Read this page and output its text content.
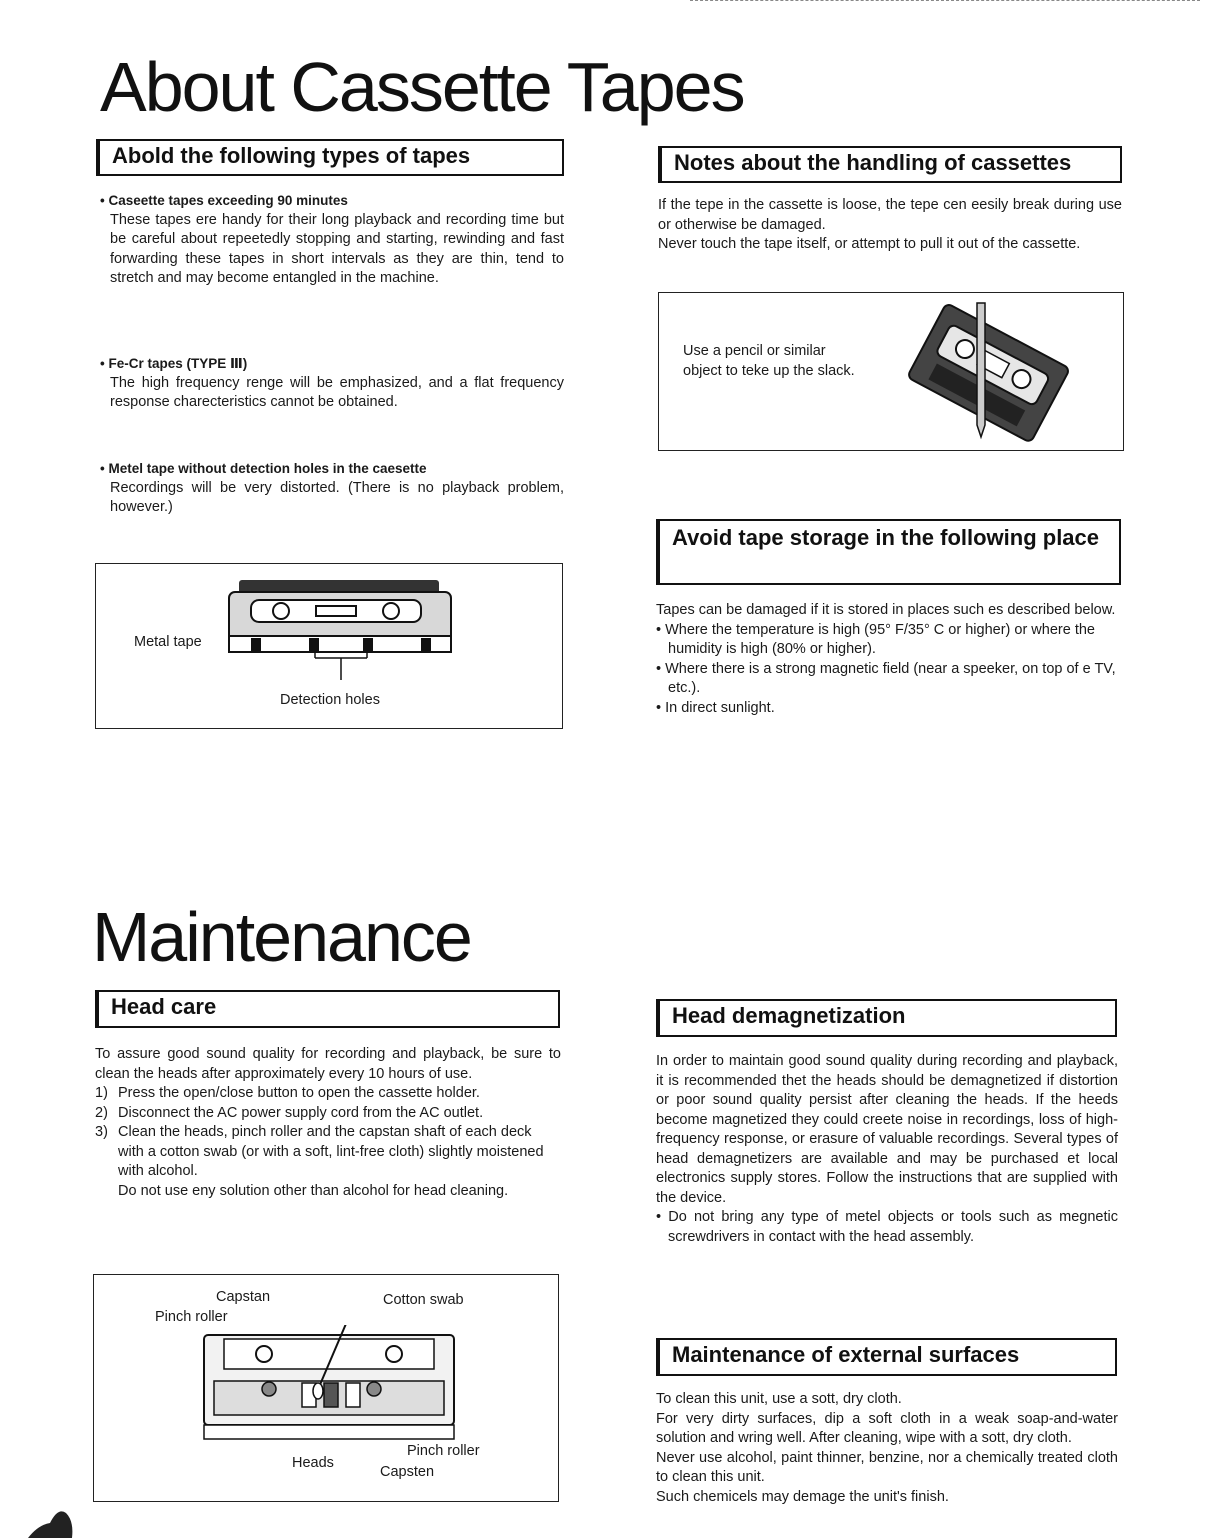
About Cassette Tapes
Abold the following types of tapes
• Caseette tapes exceeding 90 minutes

These tapes ere handy for their long playback and recording time but be careful about repeetedly stopping and starting, rewinding and fast forwarding these tapes in short intervals as they are thin, tend to stretch and may become entangled in the machine.

• Fe-Cr tapes (TYPE Ⅲ)

The high frequency renge will be emphasized, and a flat frequency response charecteristics cannot be obtained.

• Metel tape without detection holes in the caesette

Recordings will be very distorted. (There is no playback problem, however.)

Metal tape
Detection holes
Notes about the handling of cassettes

If the tepe in the cassette is loose, the tepe cen eesily break during use or otherwise be damaged.

Never touch the tape itself, or attempt to pull it out of the cassette.

Use a pencil or similar object to teke up the slack.
Avoid tape storage in the following place

Tapes can be damaged if it is stored in places such es described below.

• Where the temperature is high (95° F/35° C or higher) or where the humidity is high (80% or higher).

• Where there is a strong magnetic field (near a speeker, on top of e TV, etc.).

• In direct sunlight.

Maintenance
Head care

To assure good sound quality for recording and playback, be sure to clean the heads after approximately every 10 hours of use.

1) Press the open/close button to open the cassette holder.
2) Disconnect the AC power supply cord from the AC outlet.
3) Clean the heads, pinch roller and the capstan shaft of each deck with a cotton swab (or with a soft, lint-free cloth) slightly moistened with alcohol.

Do not use eny solution other than alcohol for head cleaning.

Capstan
Pinch roller
Cotton swab
Heads
Pinch roller
Capsten
Head demagnetization

In order to maintain good sound quality during recording and playback, it is recommended thet the heads should be demagnetized if distortion or poor sound quality persist after cleaning the heads. If the heeds become magnetized they could creete noise in recordings, loss of high-frequency response, or erasure of valuable recordings. Several types of head demagnetizers are available and may be purchased et local electronics supply stores. Follow the instructions that are supplied with the device.

• Do not bring any type of metel objects or tools such as megnetic screwdrivers in contact with the head assembly.

Maintenance of external surfaces

To clean this unit, use a sott, dry cloth.

For very dirty surfaces, dip a soft cloth in a weak soap-and-water solution and wring well. After cleaning, wipe with a sott, dry cloth.

Never use alcohol, paint thinner, benzine, nor a chemically treated cloth to clean this unit.

Such chemicels may demage the unit's finish.
